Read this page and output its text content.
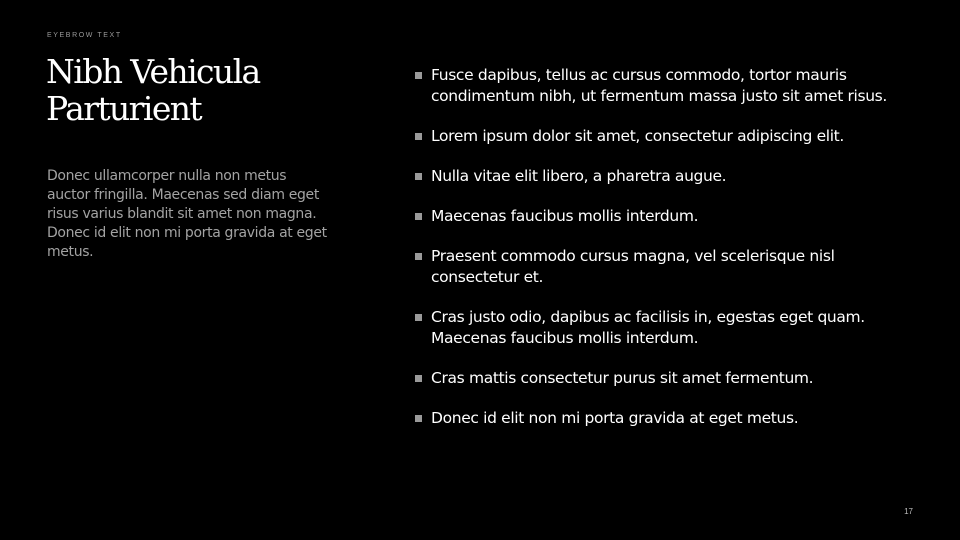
EYEBROW TEXT
Nibh Vehicula
Parturient

Donec ullamcorper nulla non metus auctor fringilla. Maecenas sed diam eget risus varius blandit sit amet non magna. Donec id elit non mi porta gravida at eget metus.

Fusce dapibus, tellus ac cursus commodo, tortor mauris condimentum nibh, ut fermentum massa justo sit amet risus.
Lorem ipsum dolor sit amet, consectetur adipiscing elit.
Nulla vitae elit libero, a pharetra augue.
Maecenas faucibus mollis interdum.
Praesent commodo cursus magna, vel scelerisque nisl consectetur et.
Cras justo odio, dapibus ac facilisis in, egestas eget quam. Maecenas faucibus mollis interdum.
Cras mattis consectetur purus sit amet fermentum.
Donec id elit non mi porta gravida at eget metus.
17
